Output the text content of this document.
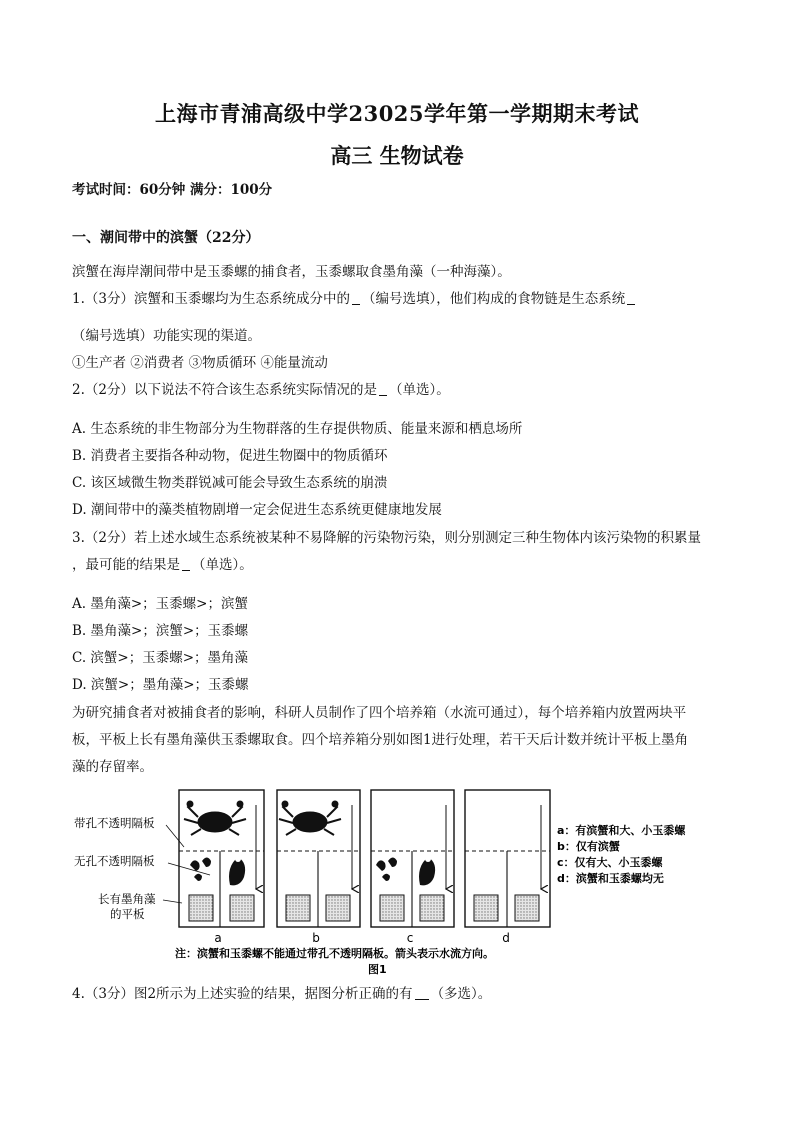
上海市青浦高级中学23025学年第一学期期末考试
高三 生物试卷
考试时间：60分钟 满分：100分
一、潮间带中的滨蟹（22分）
滨蟹在海岸潮间带中是玉黍螺的捕食者，玉黍螺取食墨角藻（一种海藻）。
1.（3分）滨蟹和玉黍螺均为生态系统成分中的 （编号选填），他们构成的食物链是生态系统
（编号选填）功能实现的渠道。
①生产者 ②消费者 ③物质循环 ④能量流动
2.（2分）以下说法不符合该生态系统实际情况的是 （单选）。
A. 生态系统的非生物部分为生物群落的生存提供物质、能量来源和栖息场所
B. 消费者主要指各种动物，促进生物圈中的物质循环
C. 该区域微生物类群锐减可能会导致生态系统的崩溃
D. 潮间带中的藻类植物剧增一定会促进生态系统更健康地发展
3.（2分）若上述水域生态系统被某种不易降解的污染物污染，则分别测定三种生物体内该污染物的积累量
，最可能的结果是 （单选）。
A. 墨角藻>；玉黍螺>；滨蟹
B. 墨角藻>；滨蟹>；玉黍螺
C. 滨蟹>；玉黍螺>；墨角藻
D. 滨蟹>；墨角藻>；玉黍螺
为研究捕食者对被捕食者的影响，科研人员制作了四个培养箱（水流可通过），每个培养箱内放置两块平
板，平板上长有墨角藻供玉黍螺取食。四个培养箱分别如图1进行处理，若干天后计数并统计平板上墨角
藻的存留率。
带孔不透明隔板
无孔不透明隔板
长有墨角藻
的平板
a	b	c	d
a：有滨蟹和大、小玉黍螺
b：仅有滨蟹
c：仅有大、小玉黍螺
d：滨蟹和玉黍螺均无
注：滨蟹和玉黍螺不能通过带孔不透明隔板。箭头表示水流方向。
图1
4.（3分）图2所示为上述实验的结果，据图分析正确的有 （多选）。
